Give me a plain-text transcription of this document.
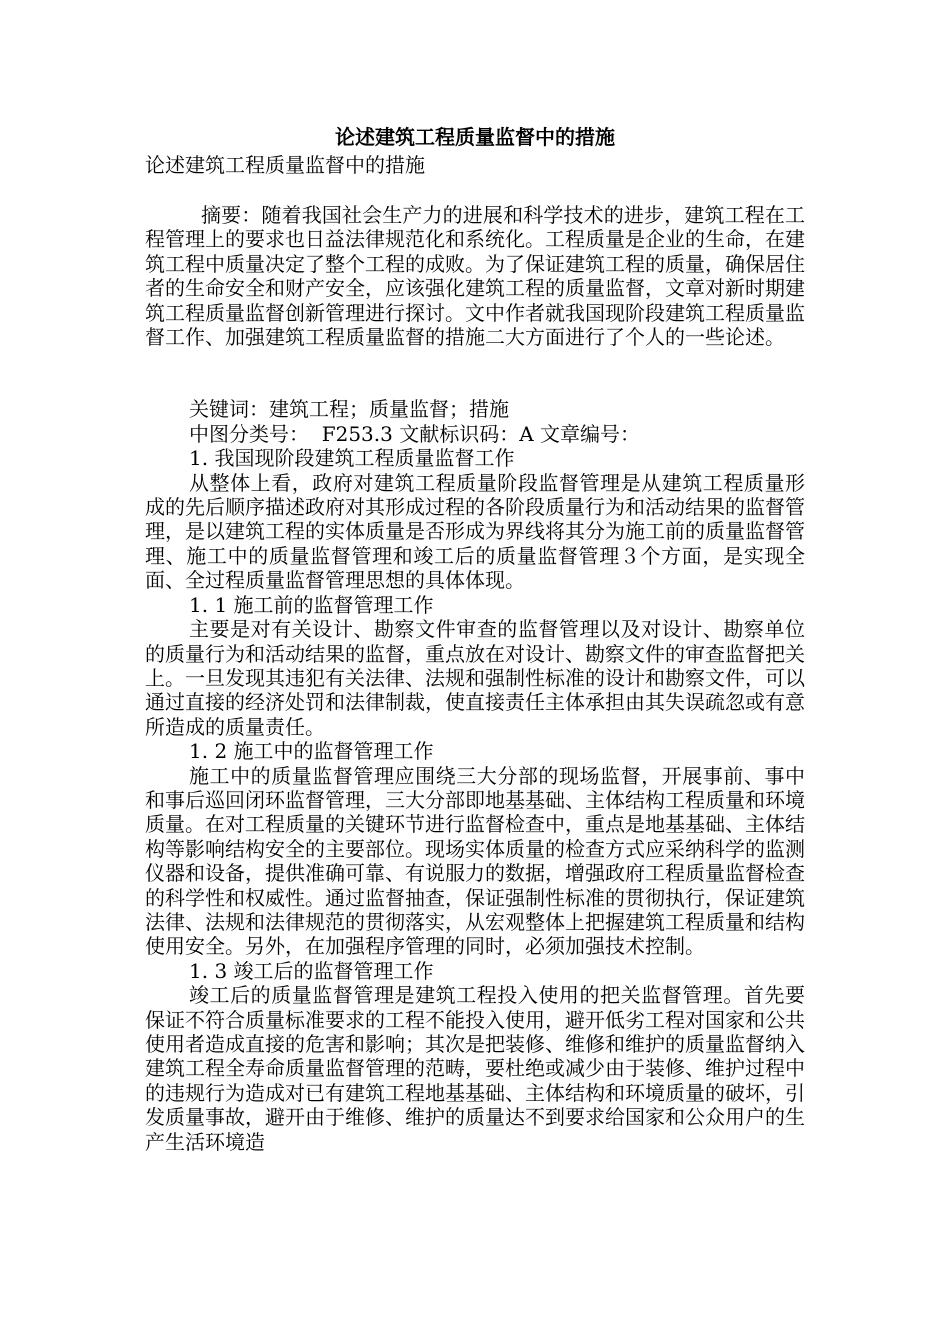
论述建筑工程质量监督中的措施

论述建筑工程质量监督中的措施

摘要：随着我国社会生产力的进展和科学技术的进步，建筑工程在工程管理上的要求也日益法律规范化和系统化。工程质量是企业的生命，在建筑工程中质量决定了整个工程的成败。为了保证建筑工程的质量，确保居住者的生命安全和财产安全，应该强化建筑工程的质量监督，文章对新时期建筑工程质量监督创新管理进行探讨。文中作者就我国现阶段建筑工程质量监督工作、加强建筑工程质量监督的措施二大方面进行了个人的一些论述。

关键词：建筑工程；质量监督；措施

中图分类号：  F253.3 文献标识码：A 文章编号：

1. 我国现阶段建筑工程质量监督工作

从整体上看，政府对建筑工程质量阶段监督管理是从建筑工程质量形成的先后顺序描述政府对其形成过程的各阶段质量行为和活动结果的监督管理，是以建筑工程的实体质量是否形成为界线将其分为施工前的质量监督管理、施工中的质量监督管理和竣工后的质量监督管理３个方面，是实现全面、全过程质量监督管理思想的具体体现。

1. 1 施工前的监督管理工作

主要是对有关设计、勘察文件审查的监督管理以及对设计、勘察单位的质量行为和活动结果的监督，重点放在对设计、勘察文件的审查监督把关上。一旦发现其违犯有关法律、法规和强制性标准的设计和勘察文件，可以通过直接的经济处罚和法律制裁，使直接责任主体承担由其失误疏忽或有意所造成的质量责任。

1. 2 施工中的监督管理工作

施工中的质量监督管理应围绕三大分部的现场监督，开展事前、事中和事后巡回闭环监督管理，三大分部即地基基础、主体结构工程质量和环境质量。在对工程质量的关键环节进行监督检查中，重点是地基基础、主体结构等影响结构安全的主要部位。现场实体质量的检查方式应采纳科学的监测仪器和设备，提供准确可靠、有说服力的数据，增强政府工程质量监督检查的科学性和权威性。通过监督抽查，保证强制性标准的贯彻执行，保证建筑法律、法规和法律规范的贯彻落实，从宏观整体上把握建筑工程质量和结构使用安全。另外，在加强程序管理的同时，必须加强技术控制。

1. 3 竣工后的监督管理工作

竣工后的质量监督管理是建筑工程投入使用的把关监督管理。首先要保证不符合质量标准要求的工程不能投入使用，避开低劣工程对国家和公共使用者造成直接的危害和影响；其次是把装修、维修和维护的质量监督纳入建筑工程全寿命质量监督管理的范畴，要杜绝或减少由于装修、维护过程中的违规行为造成对已有建筑工程地基基础、主体结构和环境质量的破坏，引发质量事故，避开由于维修、维护的质量达不到要求给国家和公众用户的生产生活环境造
